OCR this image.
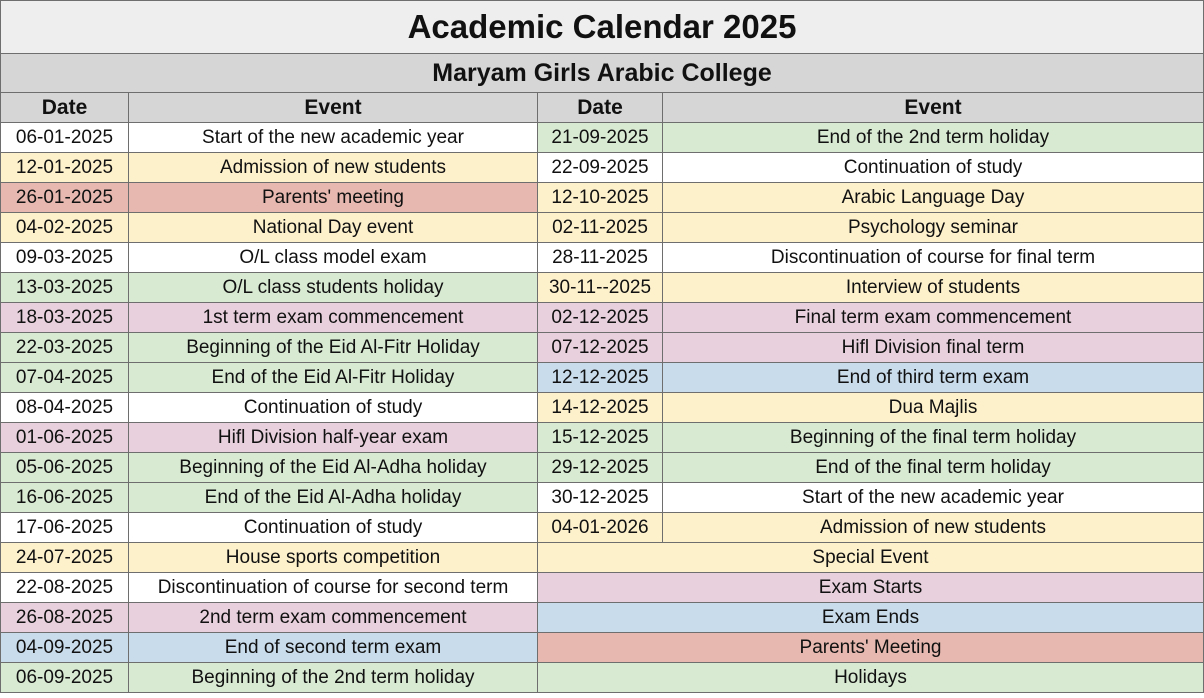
Academic Calendar 2025			
Maryam Girls Arabic College			
Date	Event	Date	Event
06-01-2025	Start of the new academic year	21-09-2025	End of the 2nd term holiday
12-01-2025	Admission of new students	22-09-2025	Continuation of study
26-01-2025	Parents' meeting	12-10-2025	Arabic Language Day
04-02-2025	National Day event	02-11-2025	Psychology seminar
09-03-2025	O/L class model exam	28-11-2025	Discontinuation of course for final term
13-03-2025	O/L class students holiday	30-11--2025	Interview of students
18-03-2025	1st term exam commencement	02-12-2025	Final term exam commencement
22-03-2025	Beginning of the Eid Al-Fitr Holiday	07-12-2025	Hifl Division final term
07-04-2025	End of the Eid Al-Fitr Holiday	12-12-2025	End of third term exam
08-04-2025	Continuation of study	14-12-2025	Dua Majlis
01-06-2025	Hifl Division half-year exam	15-12-2025	Beginning of the final term holiday
05-06-2025	Beginning of the Eid Al-Adha holiday	29-12-2025	End of the final term holiday
16-06-2025	End of the Eid Al-Adha holiday	30-12-2025	Start of the new academic year
17-06-2025	Continuation of study	04-01-2026	Admission of new students
24-07-2025	House sports competition	Special Event	
22-08-2025	Discontinuation of course for second term	Exam Starts	
26-08-2025	2nd term exam commencement	Exam Ends	
04-09-2025	End of second term exam	Parents' Meeting	
06-09-2025	Beginning of the 2nd term holiday	Holidays	
